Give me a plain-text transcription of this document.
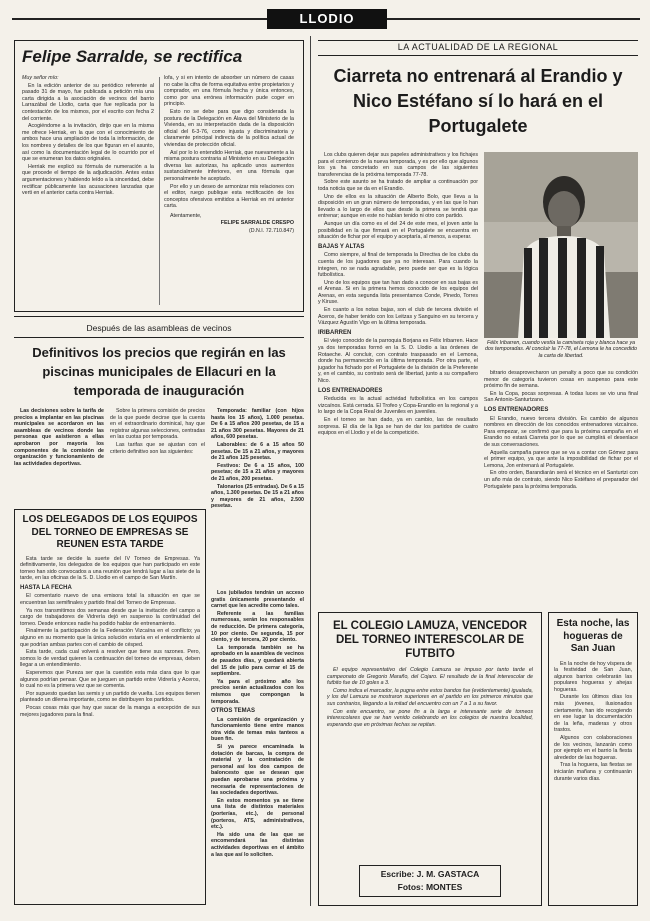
LLODIO
Felipe Sarralde, se rectifica

Muy señor mío:

En la edición anterior de su periódico referente al pasado 31 de mayo, fue publicada a petición mía una carta dirigida a la asociación de vecinos del barrio Larrazábal de Llodio, carta que fue replicada por la contestación de los mismos, por el escrito con fecha 2 del corriente.

Acogiéndome a la invitación, dirijo que en la misma me ofrece Herriak, en la que con el conocimiento de ambos hace una ampliación de toda la información, de los nombres y detalles de los que figuran en el asunto, así como la documentación legal de lo ocurrido por el que se enumeran los datos originales.

Herriak me explicó su fórmula de numeración a la que procede el tiempo de la adjudicación. Antes estas argumentaciones y habiendo leído a la sinceridad, debe rectificar públicamente las acusaciones lanzadas que verti en el anterior carta contra Herriak.

lofa, y si en intento de absorber un número de casas no cabe la cifra de forma equitativa entre propietarios y comprador, en una fórmula hecha y única entonces, como por una errónea información pude coger en principio.

Esto no se debe para que digo considerada la postura de la Delegación en Álava del Ministerio de la Vivienda, en su interpretación dada de la disposición oficial del 6-3-76, como injusta y discriminatoria y claramente principal indirecta de la política actual de viviendas de protección oficial.

Así por lo lo entendido Herriak, que nuevamente a la misma postura contraria al Ministerio en su Delegación diversa las autorizas, ha aplicado unos aumentos sustancialmente inferiores, en una fórmula que personalmente he aceptado.

Por ello y un deseo de armonizar mis relaciones con el editor, ruego publique esta rectificación de los conceptos ofensivos emitidos a Herriak en mi anterior carta.

Atentamente,

FELIPE SARRALDE CRESPO

(D.N.I. 72.710.847)

Después de las asambleas de vecinos
Definitivos los precios que regirán en las piscinas municipales de Ellacuri en la temporada de inauguración

Las decisiones sobre la tarifa de precios a implantar en las piscinas municipales se acordaron en las asambleas de vecinos donde las personas que asistieron a ellas aprobaron por mayoría los componentes de la comisión de organización y funcionamiento de las actividades deportivas.

Sobre la primera comisión de precios de la que puede decirse que la cuenta en el extraordinario dominical, hay que registrar algunas selecciones, centradas en las cuotas por temporada.

Las tarifas que se ajustan con el criterio definitivo son las siguientes:

Temporada: familiar (con hijos hasta los 15 años), 1.000 pesetas. De 6 a 15 años 200 pesetas, de 15 a 21 años 300 pesetas. Mayores de 21 años, 600 pesetas.

Laborables: de 6 a 15 años 50 pesetas. De 15 a 21 años, y mayores de 21 años 125 pesetas.

Festivos: De 6 a 15 años, 100 pesetas; de 15 a 21 años y mayores de 21 años, 200 pesetas.

Talonarios (25 entradas). De 6 a 15 años, 1.300 pesetas. De 15 a 21 años y mayores de 21 años, 2.500 pesetas.

LOS DELEGADOS DE LOS EQUIPOS DEL TORNEO DE EMPRESAS SE REUNEN ESTA TARDE

Esta tarde se decide la suerte del IV Torneo de Empresas. Ya definitivamente, los delegados de los equipos que han participado en este torneo han sido convocados a una reunión que tendrá lugar a las siete de la tarde, en las oficinas de la S. D. Llodio en el campo de San Martín.

HASTA LA FECHA

El comentario nuevo de una emisora total la situación en que se encuentran las semifinales y partido final del Torneo de Empresas.

Ya nos transmitimos dos semanas desde que la invitación del campo a cargo de trabajadores de Vidrería dejó en suspenso la continuidad del torneo. Desde entonces nadie ha podido hablar de entrenamiento.

Finalmente la participación de la Federación Vizcaína en el conflicto; ya alguno en su momento que la única solución estaría en el entendimiento al que podrían ambas partes con el cambio de césped.

Esta tarde, cada cual volverá a resolver que tiene sus razones. Pero, somos lo de verdad quieren la continuación del torneo de empresas, deben llegar a un entendimiento.

Esperemos que Pureza ser que la cuestión esta más clara que lo que algunos podrían pensar. Que se jueguen un partido entre Vidrería y Aceros, lo cual no es la primera vez que se comenta.

Por supuesto quedan las semis y un partido de vuelta. Los equipos tienen planteado un dilema importante, como se distribuyen los partidos.

Pocas cosas más que hay que sacar de la manga a excepción de sus mejores jugadores para la final.

Los jubilados tendrán un acceso gratis únicamente presentando el carnet que les acredite como tales.

Referente a las familias numerosas, serán los responsables de reducción. De primera categoría, 10 por ciento. De segunda, 15 por ciento, y de tercera, 20 por ciento.

La temporada también se ha aprobado en la asamblea de vecinos de pasados días, y quedará abierta del 15 de julio para cerrar el 15 de septiembre.

Ya para el próximo año los precios serán actualizados con los mismos que compongan la temporada.

OTROS TEMAS

La comisión de organización y funcionamiento tiene entre manos otra vida de temas más tanteos a buen fin.

Si ya parece encaminada la dotación de barcas, la compra de material y la contratación de personal así los dos campos de baloncesto que se desean que puedan aprobarse una próxima y necesaria de representaciones de las sociedades deportivas.

En estos momentos ya se tiene una lista de distintos materiales (porterías, etc.), de personal (porteros, ATS, administrativos, etc.).

Ha sido una de las que se encomendará las distintas actividades deportivas en el ámbito a las que así lo soliciten.

LA ACTUALIDAD DE LA REGIONAL
Ciarreta no entrenará al Erandio y Nico Estéfano sí lo hará en el Portugalete

Los clubs quieren dejar sus papeles administrativos y los fichajes para el comienzo de la nueva temporada, y es por ello que algunos los ya ha concretado en sus campos de las siguientes transferencias de la próxima temporada 77-78.

Sobre este asunto se ha tratado de ampliar a continuación por toda noticia que se da en el Erandio.

Uno de ellos es la situación de Alberto Bolo, que lleva a la disposición en un gran número de temporadas, y en las que lo han llevado a lo largo de ellos que desde la primera se tendrá que entrenar; aunque en este no habían tenido ni otro con partido.

Aunque un día como es el del 24 de este mes, el joven ante la posibilidad en la que firmará en el Portugalete se encuentra en situación de fichar por el equipo y aceptaría, al menos, a esperar.

BAJAS Y ALTAS

Como siempre, al final de temporada la Directiva de los clubs da cuenta de los jugadores que ya no interesan. Para cuando la integren, no se nada agradable, pero puede ser que es la lógica futbolística.

Uno de los equipos que tan han dado a conocer en sus bajas es el Arenas. Si en la primera hemos conocido de los equipos del Arenas, en esta segunda lista presentamos Conde, Pinedo, Torres y Kiruse.

En cuanto a los notas bajas, son el club de tercera división el Aceros, de haber tenido con los Leitzas y Sanguino en su tercera y Vázquez Agustín Vigo en la última temporada.

IRIBARREN

El viejo conocido de la parroquia Borjana es Félix Iribarren. Hace ya dos temporadas formó en la S. D. Llodio a las órdenes de Rotaeche. Al concluir, con contrato traspasado en el Lemona, donde ha permanecido en la última temporada. Por otra parte, el jugador ha fichado por el Portugalete de la división de la Preferente y, en el cambio, su contrato será de libertad, junto a su compañero Nico.

LOS ENTRENADORES

Reducida es la actual actividad futbolística en los campos vizcaínos. Está cerrada. El Trofeo y Copa-Erandio en la regional y a lo largo de la Copa Real de Juveniles en juveniles.

En el torneo se han dado, ya en cambio, las de resultado sorpresa. El día de la liga se han de dar los partidos de cuatro equipos en el Llodio y el de la competición.

Félix Iribarren, cuando vestía la camiseta roja y blanca hace ya dos temporadas. Al concluir la 77-78, el Lemona le ha concedido la carta de libertad.

bitrario desaprovecharon un penalty a poco que su condición menor de categoría tuvieron cosas en suspenso para este próximo fin de semana.

En la Copa, pocas sorpresas. A todas luces se vio una final San Antonio-Santurtzano.

LOS ENTRENADORES

El Erandio, nuevo tercera división. Es cambio de algunos nombres en dirección de los conocidos entrenadores vizcaínos. Para empezar, se confirmó que para la próxima campaña en el Erandio no estará Ciarreta por lo que se cumplirá el desenlace de sus conversaciones.

Aquella campaña parece que se va a contar con Gómez para el primer equipo, ya que ante la imposibilidad de fichar por el Lemona, Jon entrenará al Portugalete.

En otro orden, Barandiarán será el técnico en el Santurtzi con un año más de contrato, siendo Nico Estéfano el preparador del Portugalete para la próxima temporada.

EL COLEGIO LAMUZA, VENCEDOR DEL TORNEO INTERESCOLAR DE FUTBITO

El equipo representativo del Colegio Lamuza se impuso por tanto tarde el campeonato de Gregorio Maraño, del Cojaro. El resultado de la final interescolar de futbito fue de 10 goles a 3.

Como indica el marcador, la pugna entre estos bandos fue (evidentemente) igualada, y los del Lamuza se mostraron superiores en el partido en los primeros minutos que sus contrarios, llegando a la mitad del encuentro con un 7 a 1 a su favor.

Con este encuentro, se pone fin a la larga e interesante serie de torneos interescolares que se han venido celebrando en los colegios de nuestra localidad, esperando que en próximas fechas se repitan.

Escribe: J. M. GASTACA
Fotos: MONTES
Esta noche, las hogueras de San Juan

En la noche de hoy víspera de la festividad de San Juan, algunos barrios celebrarán las populares hogueras y ahejas hogueras.

Durante los últimos días los más jóvenes, ilusionados ciertamente, han ido recogiendo en ese lugar la documentación de la leña, maderas y otros trastos.

Algunos con colaboraciones de los vecinos, lanzarán como por ejemplo en el barrio la fiesta alrededor de las hogueras.

Tras la hoguera, las fiestas se iniciarán mañana y continuarán durante varios días.
